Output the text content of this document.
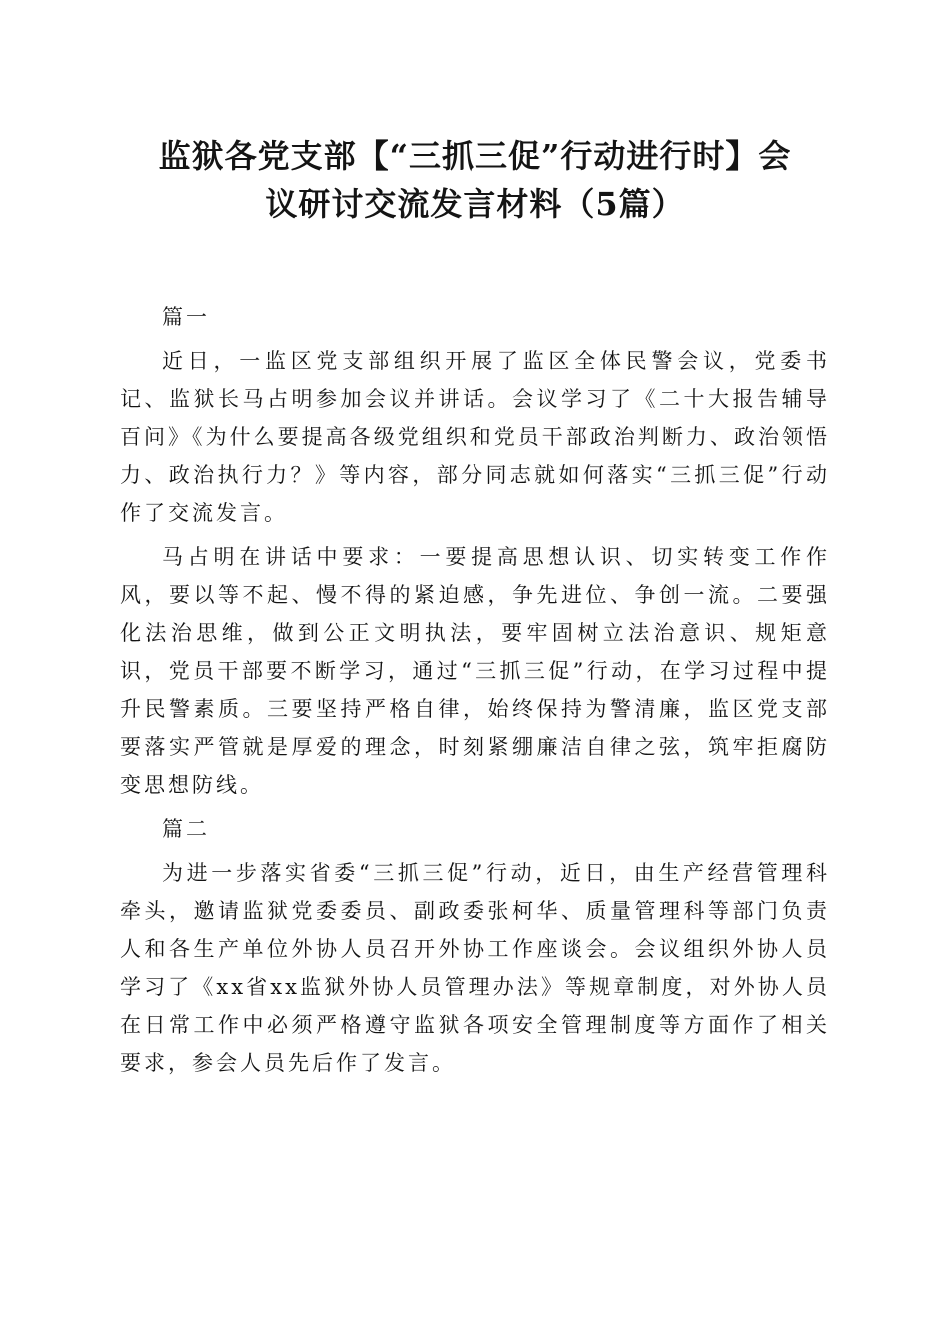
监狱各党支部【“三抓三促”行动进行时】会
议研讨交流发言材料（5篇）

篇一

近日，一监区党支部组织开展了监区全体民警会议，党委书记、监狱长马占明参加会议并讲话。会议学习了《二十大报告辅导百问》《为什么要提高各级党组织和党员干部政治判断力、政治领悟力、政治执行力？》等内容，部分同志就如何落实“三抓三促”行动作了交流发言。

马占明在讲话中要求：一要提高思想认识、切实转变工作作风，要以等不起、慢不得的紧迫感，争先进位、争创一流。二要强化法治思维，做到公正文明执法，要牢固树立法治意识、规矩意识，党员干部要不断学习，通过“三抓三促”行动，在学习过程中提升民警素质。三要坚持严格自律，始终保持为警清廉，监区党支部要落实严管就是厚爱的理念，时刻紧绷廉洁自律之弦，筑牢拒腐防变思想防线。

篇二

为进一步落实省委“三抓三促”行动，近日，由生产经营管理科牵头，邀请监狱党委委员、副政委张柯华、质量管理科等部门负责人和各生产单位外协人员召开外协工作座谈会。会议组织外协人员学习了《xx省xx监狱外协人员管理办法》等规章制度，对外协人员在日常工作中必须严格遵守监狱各项安全管理制度等方面作了相关要求，参会人员先后作了发言。
